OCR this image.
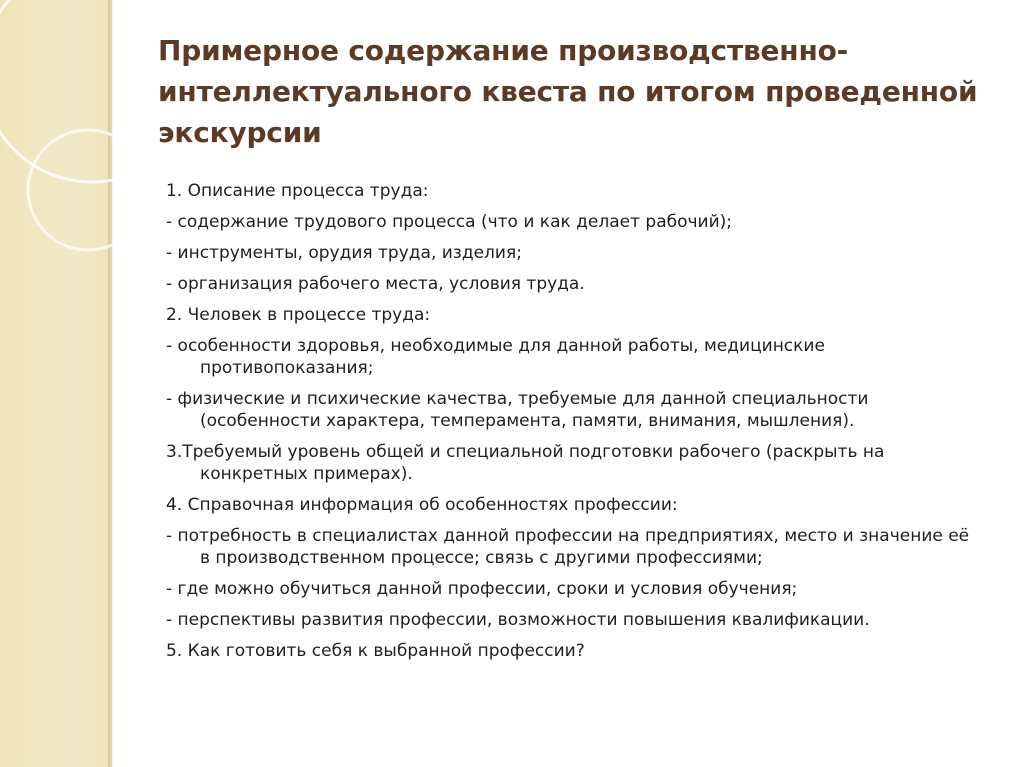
Примерное содержание производственно-интеллектуального квеста по итогом проведенной экскурсии
1. Описание процесса труда:
- содержание трудового процесса (что и как делает рабочий);
- инструменты, орудия труда, изделия;
- организация рабочего места, условия труда.
2. Человек в процессе труда:
- особенности здоровья, необходимые для данной работы, медицинские противопоказания;
- физические и психические качества, требуемые для данной специальности (особенности характера, темперамента, памяти, внимания, мышления).
3.Требуемый уровень общей и специальной подготовки рабочего (раскрыть на конкретных примерах).
4. Справочная информация об особенностях профессии:
- потребность в специалистах данной профессии на предприятиях, место и значение её в производственном процессе; связь с другими профессиями;
- где можно обучиться данной профессии, сроки и условия обучения;
- перспективы развития профессии, возможности повышения квалификации.
5. Как готовить себя к выбранной профессии?
